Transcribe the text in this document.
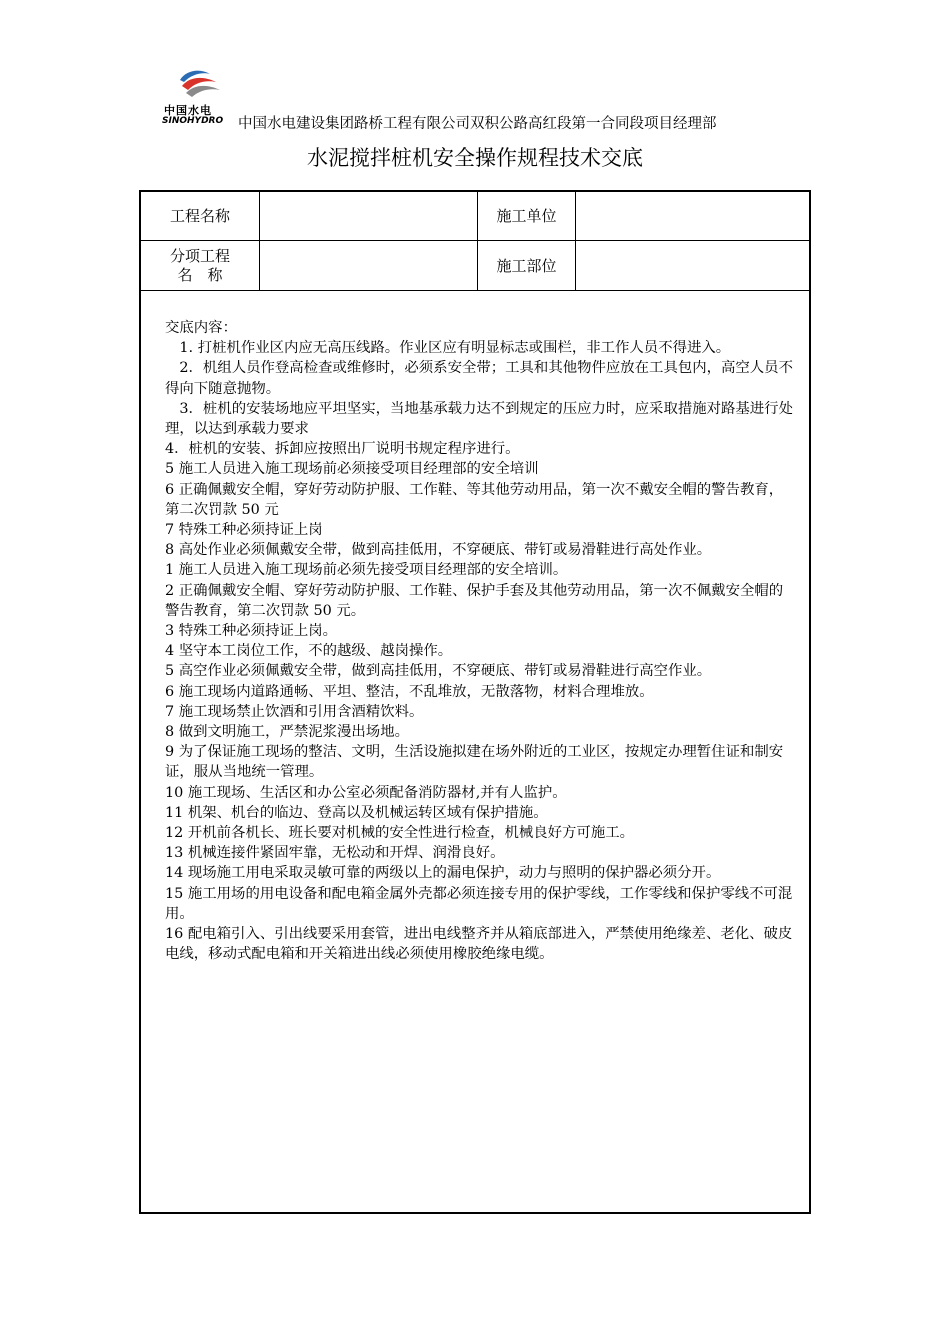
中国水电
SINOHYDRO 中国水电建设集团路桥工程有限公司双积公路高红段第一合同段项目经理部
水泥搅拌桩机安全操作规程技术交底
工程名称	施工单位
分项工程
名　称	施工部位

交底内容：

　1. 打桩机作业区内应无高压线路。作业区应有明显标志或围栏，非工作人员不得进入。

　2．机组人员作登高检查或维修时，必须系安全带；工具和其他物件应放在工具包内，高空人员不得向下随意抛物。

　3．桩机的安装场地应平坦坚实，当地基承载力达不到规定的压应力时，应采取措施对路基进行处理，以达到承载力要求

4．桩机的安装、拆卸应按照出厂说明书规定程序进行。

5 施工人员进入施工现场前必须接受项目经理部的安全培训

6 正确佩戴安全帽，穿好劳动防护服、工作鞋、等其他劳动用品，第一次不戴安全帽的警告教育，第二次罚款 50 元

7 特殊工种必须持证上岗

8 高处作业必须佩戴安全带，做到高挂低用，不穿硬底、带钉或易滑鞋进行高处作业。

1 施工人员进入施工现场前必须先接受项目经理部的安全培训。

2 正确佩戴安全帽、穿好劳动防护服、工作鞋、保护手套及其他劳动用品，第一次不佩戴安全帽的警告教育，第二次罚款 50 元。

3 特殊工种必须持证上岗。

4 坚守本工岗位工作，不的越级、越岗操作。

5 高空作业必须佩戴安全带，做到高挂低用，不穿硬底、带钉或易滑鞋进行高空作业。

6 施工现场内道路通畅、平坦、整洁，不乱堆放，无散落物，材料合理堆放。

7 施工现场禁止饮酒和引用含酒精饮料。

8 做到文明施工，严禁泥浆漫出场地。

9 为了保证施工现场的整洁、文明，生活设施拟建在场外附近的工业区，按规定办理暂住证和制安证，服从当地统一管理。

10 施工现场、生活区和办公室必须配备消防器材,并有人监护。

11 机架、机台的临边、登高以及机械运转区域有保护措施。

12 开机前各机长、班长要对机械的安全性进行检查，机械良好方可施工。

13 机械连接件紧固牢靠，无松动和开焊、润滑良好。

14 现场施工用电采取灵敏可靠的两级以上的漏电保护，动力与照明的保护器必须分开。

15 施工用场的用电设备和配电箱金属外壳都必须连接专用的保护零线，工作零线和保护零线不可混用。

16 配电箱引入、引出线要采用套管，进出电线整齐并从箱底部进入，严禁使用绝缘差、老化、破皮电线，移动式配电箱和开关箱进出线必须使用橡胶绝缘电缆。
